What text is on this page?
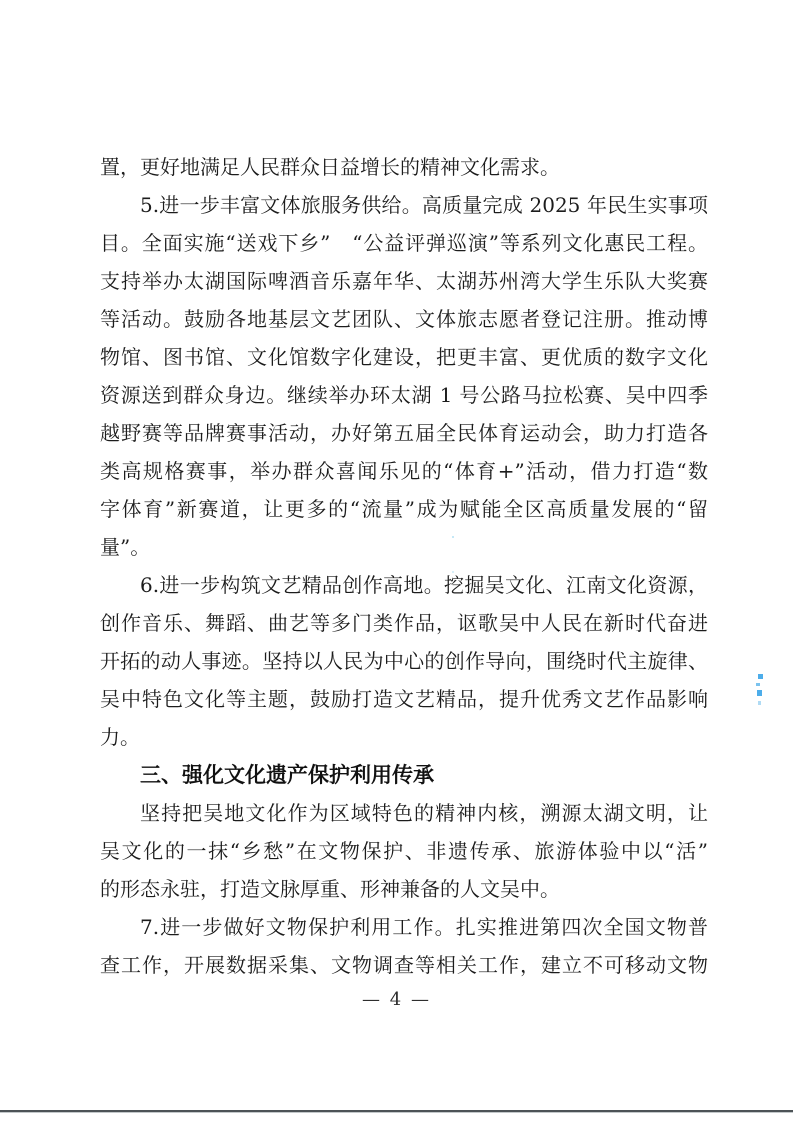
置，更好地满足人民群众日益增长的精神文化需求。
5.进一步丰富文体旅服务供给。高质量完成 2025 年民生实事项
目。全面实施“送戏下乡”　“公益评弹巡演”等系列文化惠民工程。
支持举办太湖国际啤酒音乐嘉年华、太湖苏州湾大学生乐队大奖赛
等活动。鼓励各地基层文艺团队、文体旅志愿者登记注册。推动博
物馆、图书馆、文化馆数字化建设，把更丰富、更优质的数字文化
资源送到群众身边。继续举办环太湖 1 号公路马拉松赛、吴中四季
越野赛等品牌赛事活动，办好第五届全民体育运动会，助力打造各
类高规格赛事，举办群众喜闻乐见的“体育+”活动，借力打造“数
字体育”新赛道，让更多的“流量”成为赋能全区高质量发展的“留
量”。
6.进一步构筑文艺精品创作高地。挖掘吴文化、江南文化资源，
创作音乐、舞蹈、曲艺等多门类作品，讴歌吴中人民在新时代奋进
开拓的动人事迹。坚持以人民为中心的创作导向，围绕时代主旋律、
吴中特色文化等主题，鼓励打造文艺精品，提升优秀文艺作品影响
力。
三、强化文化遗产保护利用传承
坚持把吴地文化作为区域特色的精神内核，溯源太湖文明，让
吴文化的一抹“乡愁”在文物保护、非遗传承、旅游体验中以“活”
的形态永驻，打造文脉厚重、形神兼备的人文吴中。
7.进一步做好文物保护利用工作。扎实推进第四次全国文物普
查工作，开展数据采集、文物调查等相关工作，建立不可移动文物
— 4 —
